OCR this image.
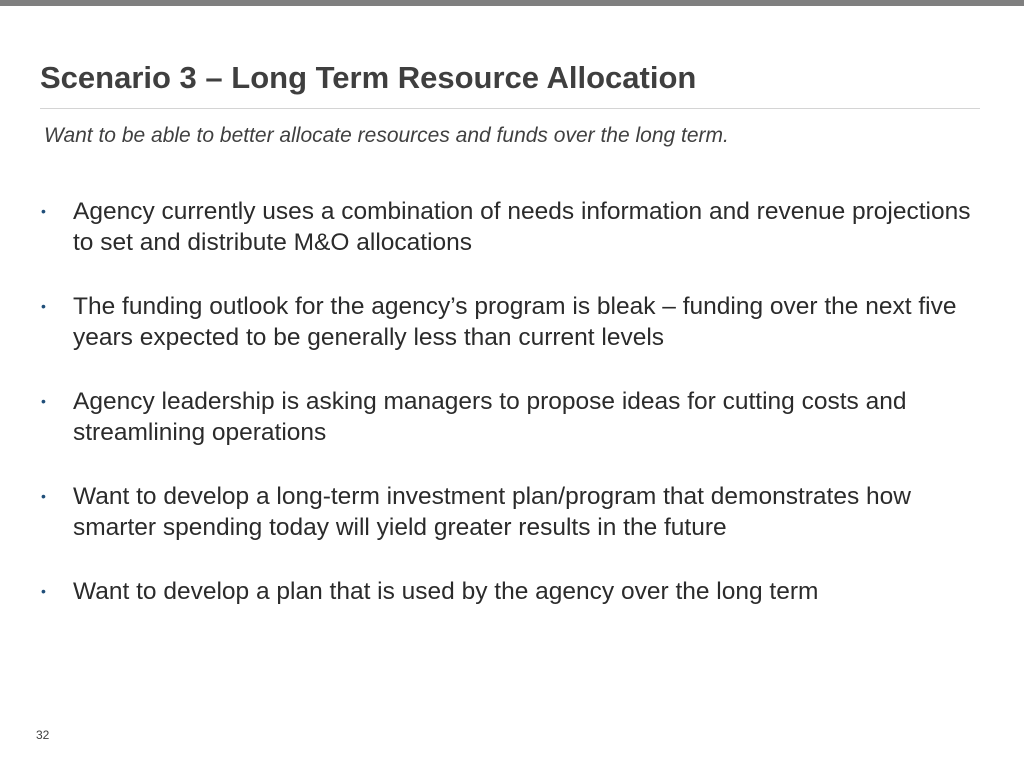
Scenario 3 – Long Term Resource Allocation

Want to be able to better allocate resources and funds over the long term.

• Agency currently uses a combination of needs information and revenue projections to set and distribute M&O allocations
• The funding outlook for the agency’s program is bleak – funding over the next five years expected to be generally less than current levels
• Agency leadership is asking managers to propose ideas for cutting costs and streamlining operations
• Want to develop a long-term investment plan/program that demonstrates how smarter spending today will yield greater results in the future
• Want to develop a plan that is used by the agency over the long term
32
